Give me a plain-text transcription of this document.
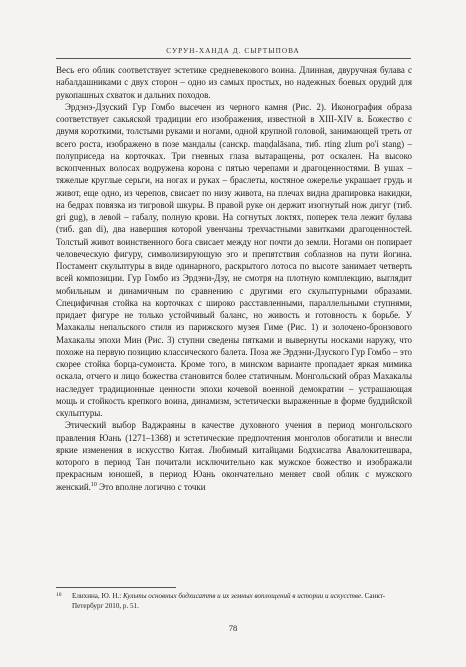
СУРУН-ХАНДА Д. СЫРТЫПОВА

Весь его облик соответствует эстетике средневекового воина. Длинная, двуручная булава с набалдашниками с двух сторон – одно из самых простых, но надежных боевых орудий для рукопашных схваток и дальних походов.

Эрдэнэ-Дзуский Гур Гомбо высечен из черного камня (Рис. 2). Иконография образа соответствует сакьяской традиции его изображения, известной в XIII-XIV в. Божество с двумя короткими, толстыми руками и ногами, одной крупной головой, занимающей треть от всего роста, изображено в позе мандалы (санскр. maṇḍalāsana, тиб. rting zlum po'i stang) – полуприседа на корточках. Три гневных глаза вытаращены, рот оскален. На высоко вскопченных волосах водружена корона с пятью черепами и драгоценностями. В ушах – тяжелые круглые серьги, на ногах и руках – браслеты, костяное ожерелье украшает грудь и живот, еще одно, из черепов, свисает по низу живота, на плечах видна драпировка накидки, на бедрах повязка из тигровой шкуры. В правой руке он держит изогнутый нож дигуг (тиб. gri gug), в левой – габалу, полную крови. На согнутых локтях, поперек тела лежит булава (тиб. gan di), два навершия которой увенчаны трехчастными завитками драгоценностей. Толстый живот воинственного бога свисает между ног почти до земли. Ногами он попирает человеческую фигуру, символизирующую эго и препятствия соблазнов на пути йогина. Постамент скульптуры в виде одинарного, раскрытого лотоса по высоте занимает четверть всей композиции. Гур Гомбо из Эрдэни-Дзу, не смотря на плотную комплекцию, выглядит мобильным и динамичным по сравнению с другими его скульптурными образами. Специфичная стойка на корточках с широко расставленными, параллельными ступнями, придает фигуре не только устойчивый баланс, но живость и готовность к борьбе. У Махакалы непальского стиля из парижского музея Гиме (Рис. 1) и золочено-бронзового Махакалы эпохи Мин (Рис. 3) ступни сведены пятками и вывернуты носками наружу, что похоже на первую позицию классического балета. Поза же Эрдэни-Дзуского Гур Гомбо – это скорее стойка борца-сумоиста. Кроме того, в минском варианте пропадает яркая мимика оскала, отчего и лицо божества становится более статичным. Монгольский образ Махакалы наследует традиционные ценности эпохи кочевой военной демократии – устрашающая мощь и стойкость крепкого воина, динамизм, эстетически выраженные в форме буддийской скульптуры.

Этический выбор Ваджраяны в качестве духовного учения в период монгольского правления Юань (1271–1368) и эстетические предпочтения монголов обогатили и внесли яркие изменения в искусство Китая. Любимый китайцами Бодхисатва Авалокитешвара, которого в период Тан почитали исключительно как мужское божество и изображали прекрасным юношей, в период Юань окончательно меняет свой облик с мужского женский.$^{10}$ Это вполне логично с точки

10 Елихина, Ю. Н.: Культы основных бодхисаттв и их земных воплощений в истории и искусстве. Санкт-Петербург 2010, р. 51.
78
